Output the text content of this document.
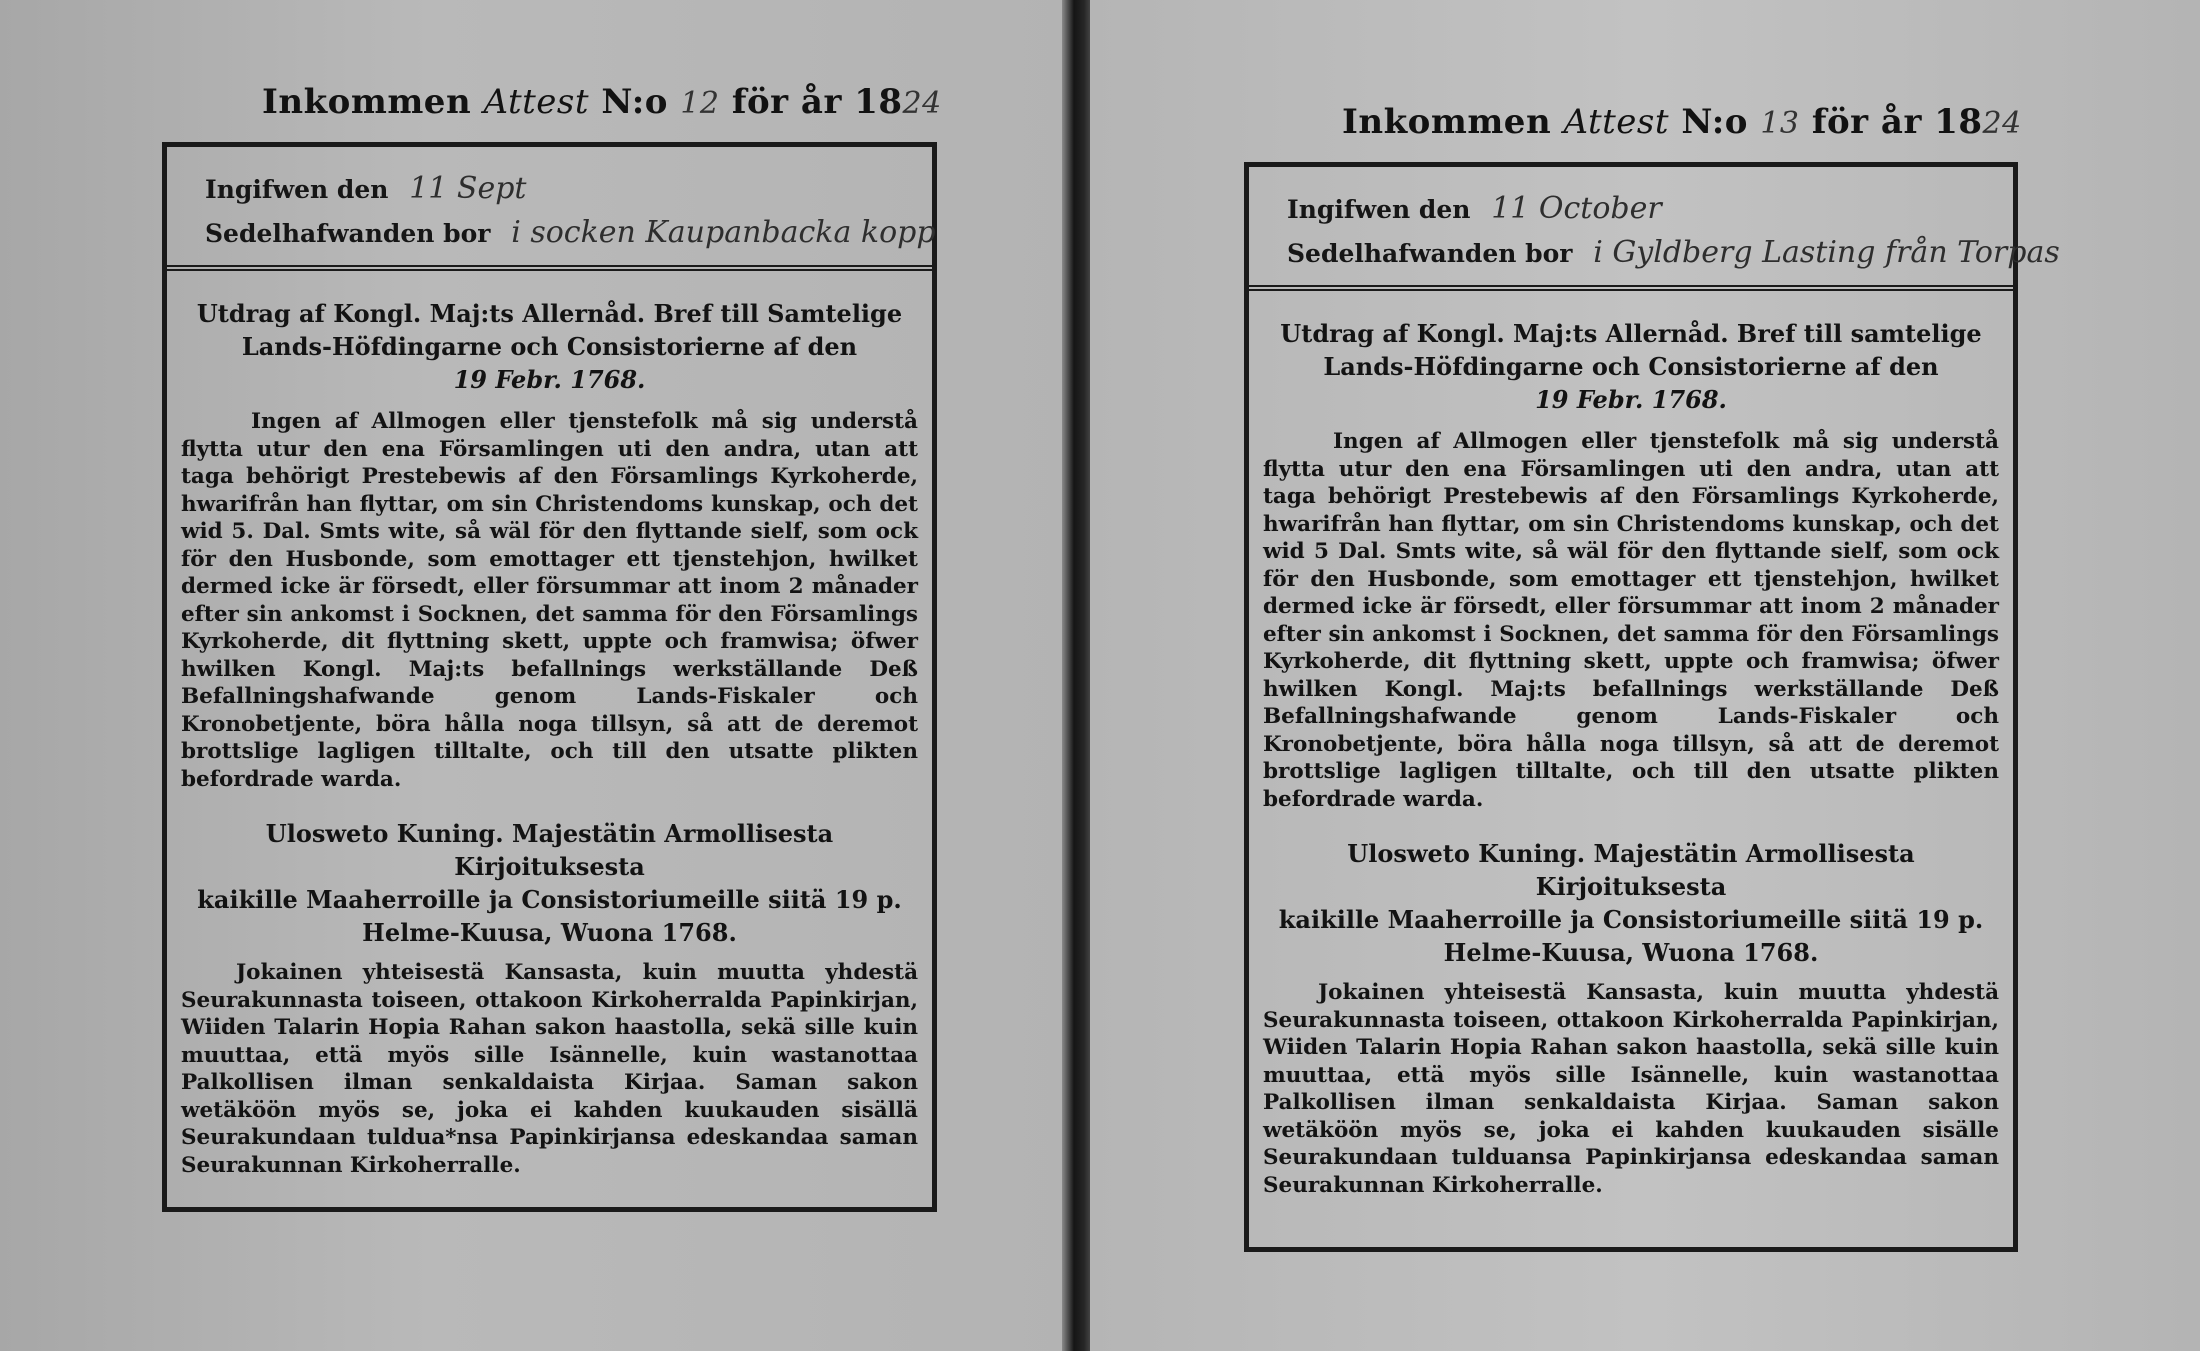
Inkommen Attest N:o 12 för år 1824
Ingifwen den 11 Sept
Sedelhafwanden bor i socken Kaupanbacka kopp
Utdrag af Kongl. Maj:ts Allernåd. Bref till Samtelige
Lands-Höfdingarne och Consistorierne af den
19 Febr. 1768.
Ingen af Allmogen eller tjenstefolk må sig understå flytta utur den ena Församlingen uti den andra, utan att taga behörigt Prestebewis af den Församlings Kyrkoherde, hwarifrån han flyttar, om sin Christendoms kunskap, och det wid 5. Dal. Smts wite, så wäl för den flyttande sielf, som ock för den Husbonde, som emottager ett tjenstehjon, hwilket dermed icke är försedt, eller försummar att inom 2 månader efter sin ankomst i Socknen, det samma för den Församlings Kyrkoherde, dit flyttning skett, uppte och framwisa; öfwer hwilken Kongl. Maj:ts befallnings werkställande Deß Befallningshafwande genom Lands-Fiskaler och Kronobetjente, böra hålla noga tillsyn, så att de deremot brottslige lagligen tilltalte, och till den utsatte plikten befordrade warda.
Ulosweto Kuning. Majestätin Armollisesta Kirjoituksesta
kaikille Maaherroille ja Consistoriumeille siitä 19 p.
Helme-Kuusa, Wuona 1768.
Jokainen yhteisestä Kansasta, kuin muutta yhdestä Seurakunnasta toiseen, ottakoon Kirkoherralda Papinkirjan, Wiiden Talarin Hopia Rahan sakon haastolla, sekä sille kuin muuttaa, että myös sille Isännelle, kuin wastanottaa Palkollisen ilman senkaldaista Kirjaa. Saman sakon wetäköön myös se, joka ei kahden kuukauden sisällä Seurakundaan tuldua*nsa Papinkirjansa edeskandaa saman Seurakunnan Kirkoherralle.
Inkommen Attest N:o 13 för år 1824
Ingifwen den 11 October
Sedelhafwanden bor i Gyldberg Lasting från Torpas
Utdrag af Kongl. Maj:ts Allernåd. Bref till samtelige
Lands-Höfdingarne och Consistorierne af den
19 Febr. 1768.
Ingen af Allmogen eller tjenstefolk må sig understå flytta utur den ena Församlingen uti den andra, utan att taga behörigt Prestebewis af den Församlings Kyrkoherde, hwarifrån han flyttar, om sin Christendoms kunskap, och det wid 5 Dal. Smts wite, så wäl för den flyttande sielf, som ock för den Husbonde, som emottager ett tjenstehjon, hwilket dermed icke är försedt, eller försummar att inom 2 månader efter sin ankomst i Socknen, det samma för den Församlings Kyrkoherde, dit flyttning skett, uppte och framwisa; öfwer hwilken Kongl. Maj:ts befallnings werkställande Deß Befallningshafwande genom Lands-Fiskaler och Kronobetjente, böra hålla noga tillsyn, så att de deremot brottslige lagligen tilltalte, och till den utsatte plikten befordrade warda.
Ulosweto Kuning. Majestätin Armollisesta Kirjoituksesta
kaikille Maaherroille ja Consistoriumeille siitä 19 p.
Helme-Kuusa, Wuona 1768.
Jokainen yhteisestä Kansasta, kuin muutta yhdestä Seurakunnasta toiseen, ottakoon Kirkoherralda Papinkirjan, Wiiden Talarin Hopia Rahan sakon haastolla, sekä sille kuin muuttaa, että myös sille Isännelle, kuin wastanottaa Palkollisen ilman senkaldaista Kirjaa. Saman sakon wetäköön myös se, joka ei kahden kuukauden sisälle Seurakundaan tulduansa Papinkirjansa edeskandaa saman Seurakunnan Kirkoherralle.
